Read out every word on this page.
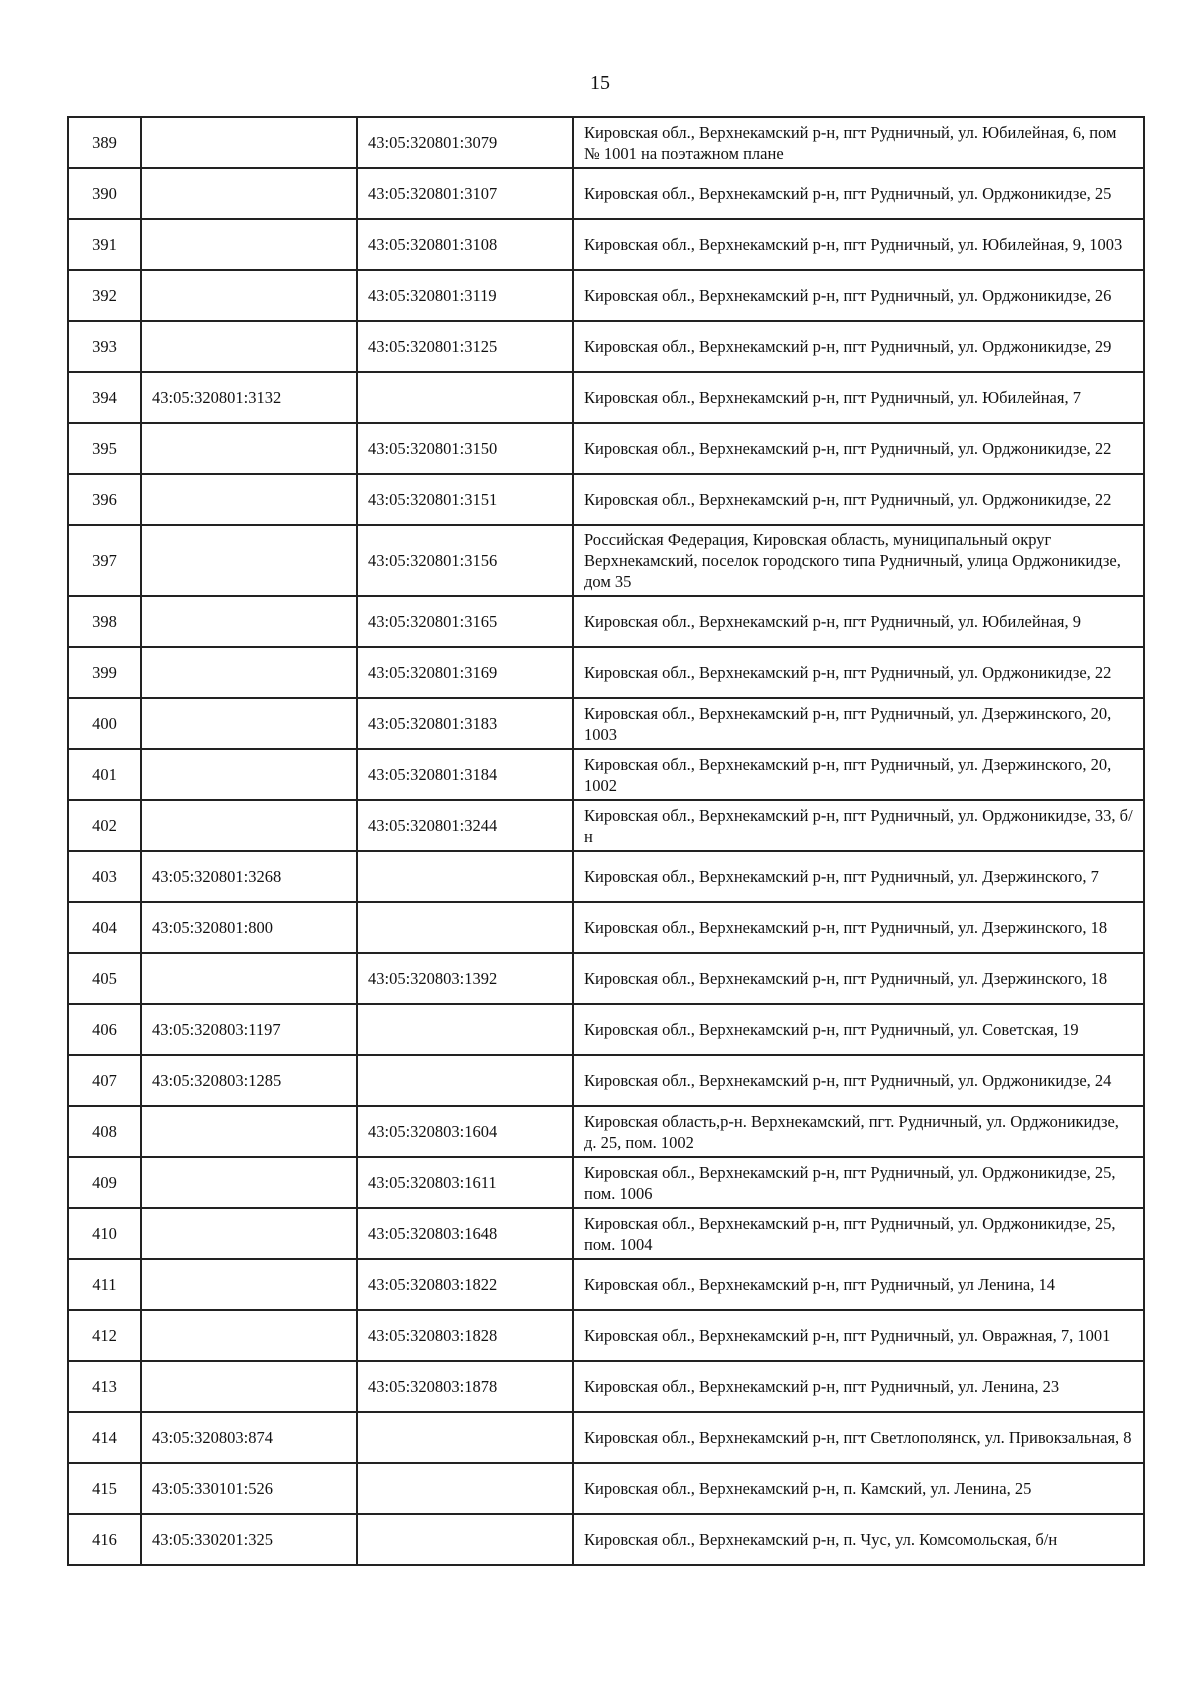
15
389		43:05:320801:3079	Кировская обл., Верхнекамский р-н, пгт Рудничный, ул. Юбилейная, 6, пом № 1001 на поэтажном плане
390		43:05:320801:3107	Кировская обл., Верхнекамский р-н, пгт Рудничный, ул. Орджоникидзе, 25
391		43:05:320801:3108	Кировская обл., Верхнекамский р-н, пгт Рудничный, ул. Юбилейная, 9, 1003
392		43:05:320801:3119	Кировская обл., Верхнекамский р-н, пгт Рудничный, ул. Орджоникидзе, 26
393		43:05:320801:3125	Кировская обл., Верхнекамский р-н, пгт Рудничный, ул. Орджоникидзе, 29
394	43:05:320801:3132		Кировская обл., Верхнекамский р-н, пгт Рудничный, ул. Юбилейная, 7
395		43:05:320801:3150	Кировская обл., Верхнекамский р-н, пгт Рудничный, ул. Орджоникидзе, 22
396		43:05:320801:3151	Кировская обл., Верхнекамский р-н, пгт Рудничный, ул. Орджоникидзе, 22
397		43:05:320801:3156	Российская Федерация, Кировская область, муниципальный округ Верхнекамский, поселок городского типа Рудничный, улица Орджоникидзе, дом 35
398		43:05:320801:3165	Кировская обл., Верхнекамский р-н, пгт Рудничный, ул. Юбилейная, 9
399		43:05:320801:3169	Кировская обл., Верхнекамский р-н, пгт Рудничный, ул. Орджоникидзе, 22
400		43:05:320801:3183	Кировская обл., Верхнекамский р-н, пгт Рудничный, ул. Дзержинского, 20, 1003
401		43:05:320801:3184	Кировская обл., Верхнекамский р-н, пгт Рудничный, ул. Дзержинского, 20, 1002
402		43:05:320801:3244	Кировская обл., Верхнекамский р-н, пгт Рудничный, ул. Орджоникидзе, 33, б/н
403	43:05:320801:3268		Кировская обл., Верхнекамский р-н, пгт Рудничный, ул. Дзержинского, 7
404	43:05:320801:800		Кировская обл., Верхнекамский р-н, пгт Рудничный, ул. Дзержинского, 18
405		43:05:320803:1392	Кировская обл., Верхнекамский р-н, пгт Рудничный, ул. Дзержинского, 18
406	43:05:320803:1197		Кировская обл., Верхнекамский р-н, пгт Рудничный, ул. Советская, 19
407	43:05:320803:1285		Кировская обл., Верхнекамский р-н, пгт Рудничный, ул. Орджоникидзе, 24
408		43:05:320803:1604	Кировская область,р-н. Верхнекамский, пгт. Рудничный, ул. Орджоникидзе, д. 25, пом. 1002
409		43:05:320803:1611	Кировская обл., Верхнекамский р-н, пгт Рудничный, ул. Орджоникидзе, 25, пом. 1006
410		43:05:320803:1648	Кировская обл., Верхнекамский р-н, пгт Рудничный, ул. Орджоникидзе, 25, пом. 1004
411		43:05:320803:1822	Кировская обл., Верхнекамский р-н, пгт Рудничный, ул Ленина, 14
412		43:05:320803:1828	Кировская обл., Верхнекамский р-н, пгт Рудничный, ул. Овражная, 7, 1001
413		43:05:320803:1878	Кировская обл., Верхнекамский р-н, пгт Рудничный, ул. Ленина, 23
414	43:05:320803:874		Кировская обл., Верхнекамский р-н, пгт Светлополянск, ул. Привокзальная, 8
415	43:05:330101:526		Кировская обл., Верхнекамский р-н, п. Камский, ул. Ленина, 25
416	43:05:330201:325		Кировская обл., Верхнекамский р-н, п. Чус, ул. Комсомольская, б/н
